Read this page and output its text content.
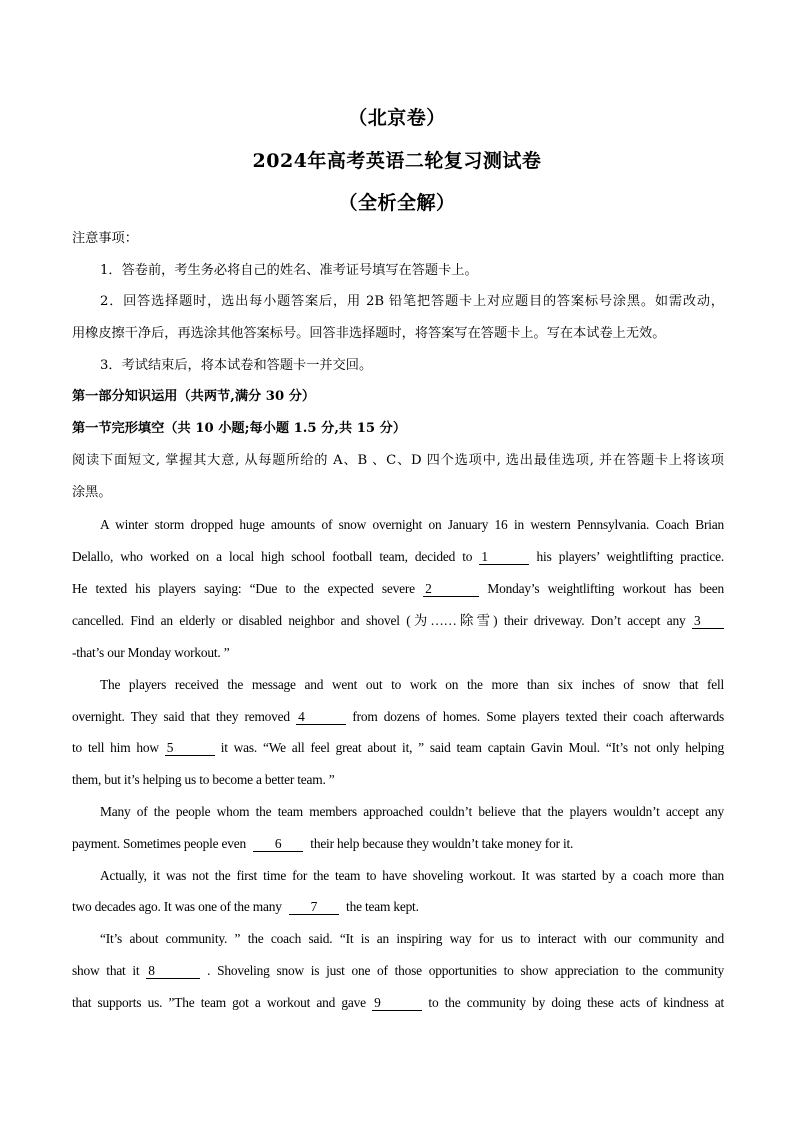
（北京卷）
2024年高考英语二轮复习测试卷
（全析全解）
注意事项：
1．答卷前，考生务必将自己的姓名、准考证号填写在答题卡上。
2．回答选择题时，选出每小题答案后，用 2B 铅笔把答题卡上对应题目的答案标号涂黑。如需改动，
用橡皮擦干净后，再选涂其他答案标号。回答非选择题时，将答案写在答题卡上。写在本试卷上无效。
3．考试结束后，将本试卷和答题卡一并交回。
第一部分知识运用（共两节,满分 30 分）
第一节完形填空（共 10 小题;每小题 1.5 分,共 15 分）
阅读下面短文, 掌握其大意, 从每题所给的 A、B 、C、D 四个选项中, 选出最佳选项, 并在答题卡上将该项
涂黑。
A winter storm dropped huge amounts of snow overnight on January 16 in western Pennsylvania. Coach Brian
Delallo, who worked on a local high school football team, decided to 1	his players’ weightlifting practice.
He texted his players saying: “Due to the expected severe 2	Monday’s weightlifting workout has been
cancelled. Find an elderly or disabled neighbor and shovel (为……除雪) their driveway. Don’t accept any 3
-that’s our Monday workout. ”
The players received the message and went out to work on the more than six inches of snow that fell
overnight. They said that they removed 4	from dozens of homes. Some players texted their coach afterwards
to tell him how 5	it was. “We all feel great about it, ” said team captain Gavin Moul. “It’s not only helping
them, but it’s helping us to become a better team. ”
Many of the people whom the team members approached couldn’t believe that the players wouldn’t accept any
payment. Sometimes people even 6 their help because they wouldn’t take money for it.
Actually, it was not the first time for the team to have shoveling workout. It was started by a coach more than
two decades ago. It was one of the many 7 the team kept.
“It’s about community. ” the coach said. “It is an inspiring way for us to interact with our community and
show that it 8	. Shoveling snow is just one of those opportunities to show appreciation to the community
that supports us. ”The team got a workout and gave 9	to the community by doing these acts of kindness at
